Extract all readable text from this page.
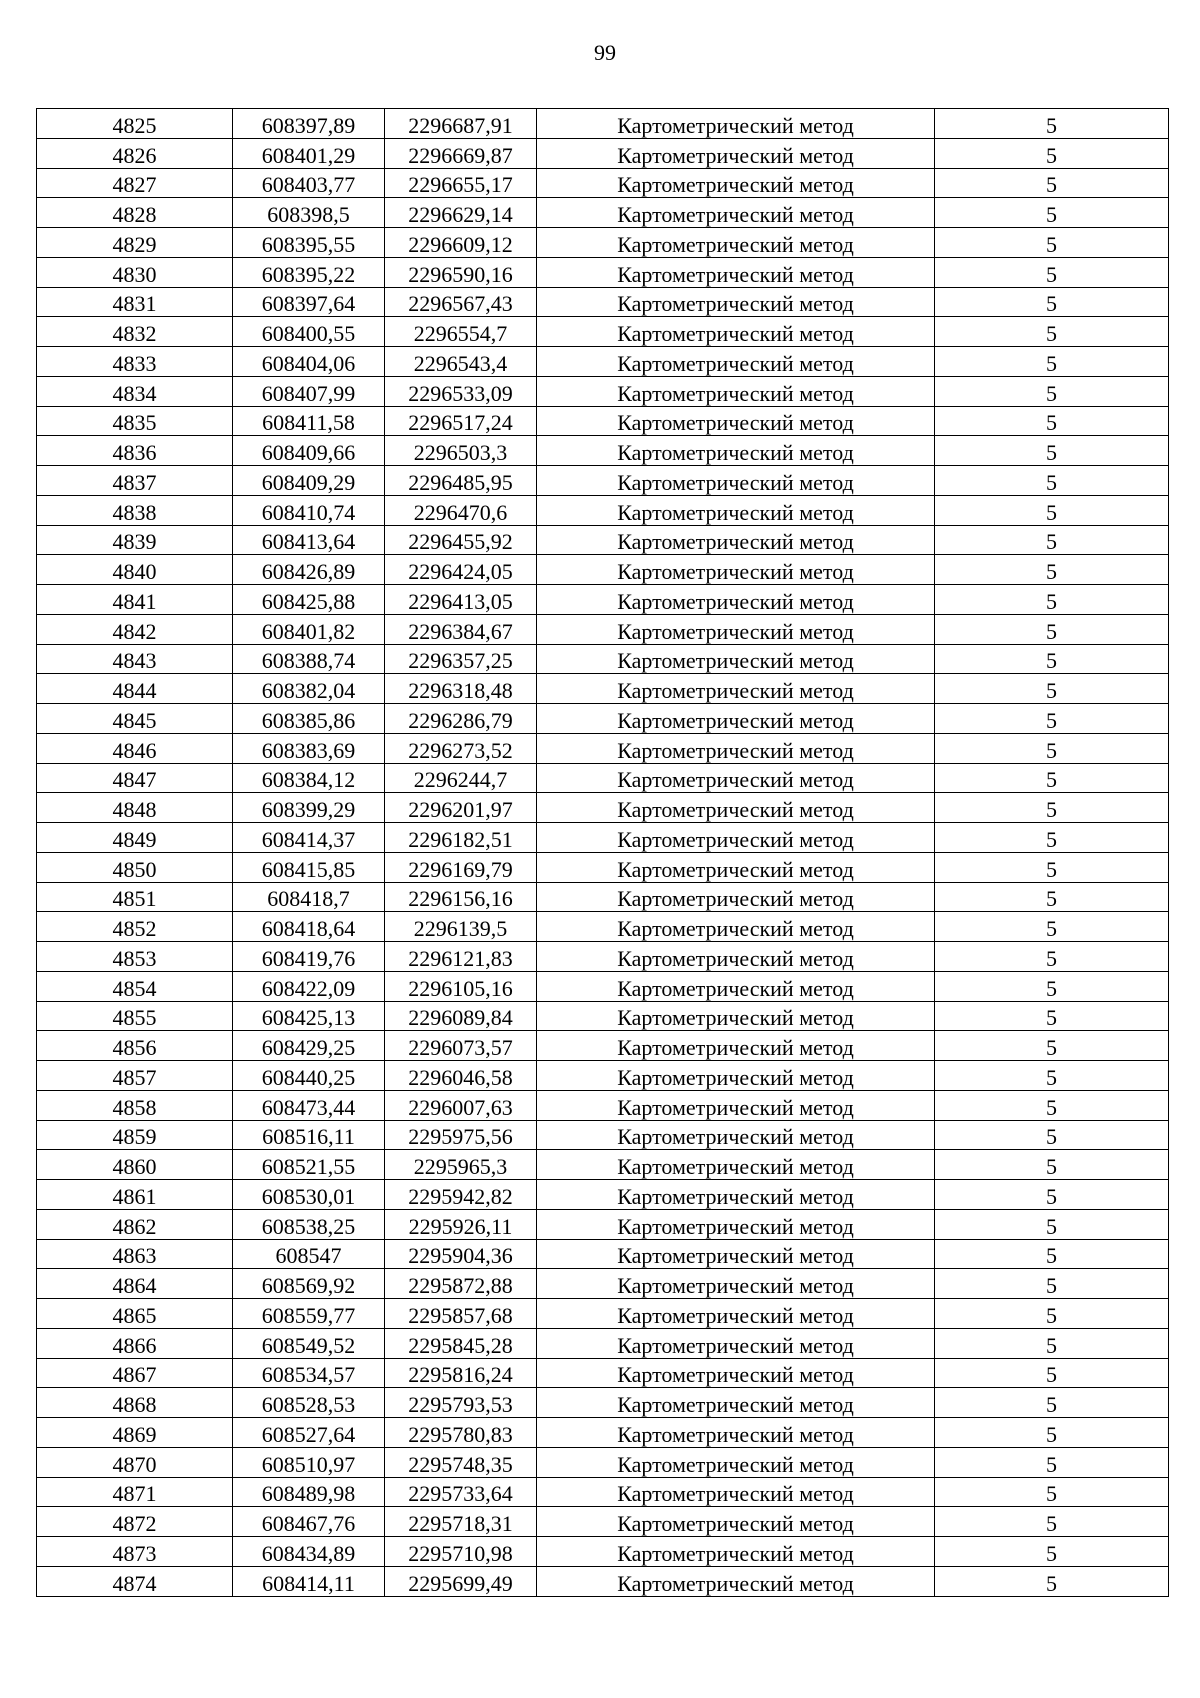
99
4825	608397,89	2296687,91	Картометрический метод	5
4826	608401,29	2296669,87	Картометрический метод	5
4827	608403,77	2296655,17	Картометрический метод	5
4828	608398,5	2296629,14	Картометрический метод	5
4829	608395,55	2296609,12	Картометрический метод	5
4830	608395,22	2296590,16	Картометрический метод	5
4831	608397,64	2296567,43	Картометрический метод	5
4832	608400,55	2296554,7	Картометрический метод	5
4833	608404,06	2296543,4	Картометрический метод	5
4834	608407,99	2296533,09	Картометрический метод	5
4835	608411,58	2296517,24	Картометрический метод	5
4836	608409,66	2296503,3	Картометрический метод	5
4837	608409,29	2296485,95	Картометрический метод	5
4838	608410,74	2296470,6	Картометрический метод	5
4839	608413,64	2296455,92	Картометрический метод	5
4840	608426,89	2296424,05	Картометрический метод	5
4841	608425,88	2296413,05	Картометрический метод	5
4842	608401,82	2296384,67	Картометрический метод	5
4843	608388,74	2296357,25	Картометрический метод	5
4844	608382,04	2296318,48	Картометрический метод	5
4845	608385,86	2296286,79	Картометрический метод	5
4846	608383,69	2296273,52	Картометрический метод	5
4847	608384,12	2296244,7	Картометрический метод	5
4848	608399,29	2296201,97	Картометрический метод	5
4849	608414,37	2296182,51	Картометрический метод	5
4850	608415,85	2296169,79	Картометрический метод	5
4851	608418,7	2296156,16	Картометрический метод	5
4852	608418,64	2296139,5	Картометрический метод	5
4853	608419,76	2296121,83	Картометрический метод	5
4854	608422,09	2296105,16	Картометрический метод	5
4855	608425,13	2296089,84	Картометрический метод	5
4856	608429,25	2296073,57	Картометрический метод	5
4857	608440,25	2296046,58	Картометрический метод	5
4858	608473,44	2296007,63	Картометрический метод	5
4859	608516,11	2295975,56	Картометрический метод	5
4860	608521,55	2295965,3	Картометрический метод	5
4861	608530,01	2295942,82	Картометрический метод	5
4862	608538,25	2295926,11	Картометрический метод	5
4863	608547	2295904,36	Картометрический метод	5
4864	608569,92	2295872,88	Картометрический метод	5
4865	608559,77	2295857,68	Картометрический метод	5
4866	608549,52	2295845,28	Картометрический метод	5
4867	608534,57	2295816,24	Картометрический метод	5
4868	608528,53	2295793,53	Картометрический метод	5
4869	608527,64	2295780,83	Картометрический метод	5
4870	608510,97	2295748,35	Картометрический метод	5
4871	608489,98	2295733,64	Картометрический метод	5
4872	608467,76	2295718,31	Картометрический метод	5
4873	608434,89	2295710,98	Картометрический метод	5
4874	608414,11	2295699,49	Картометрический метод	5
